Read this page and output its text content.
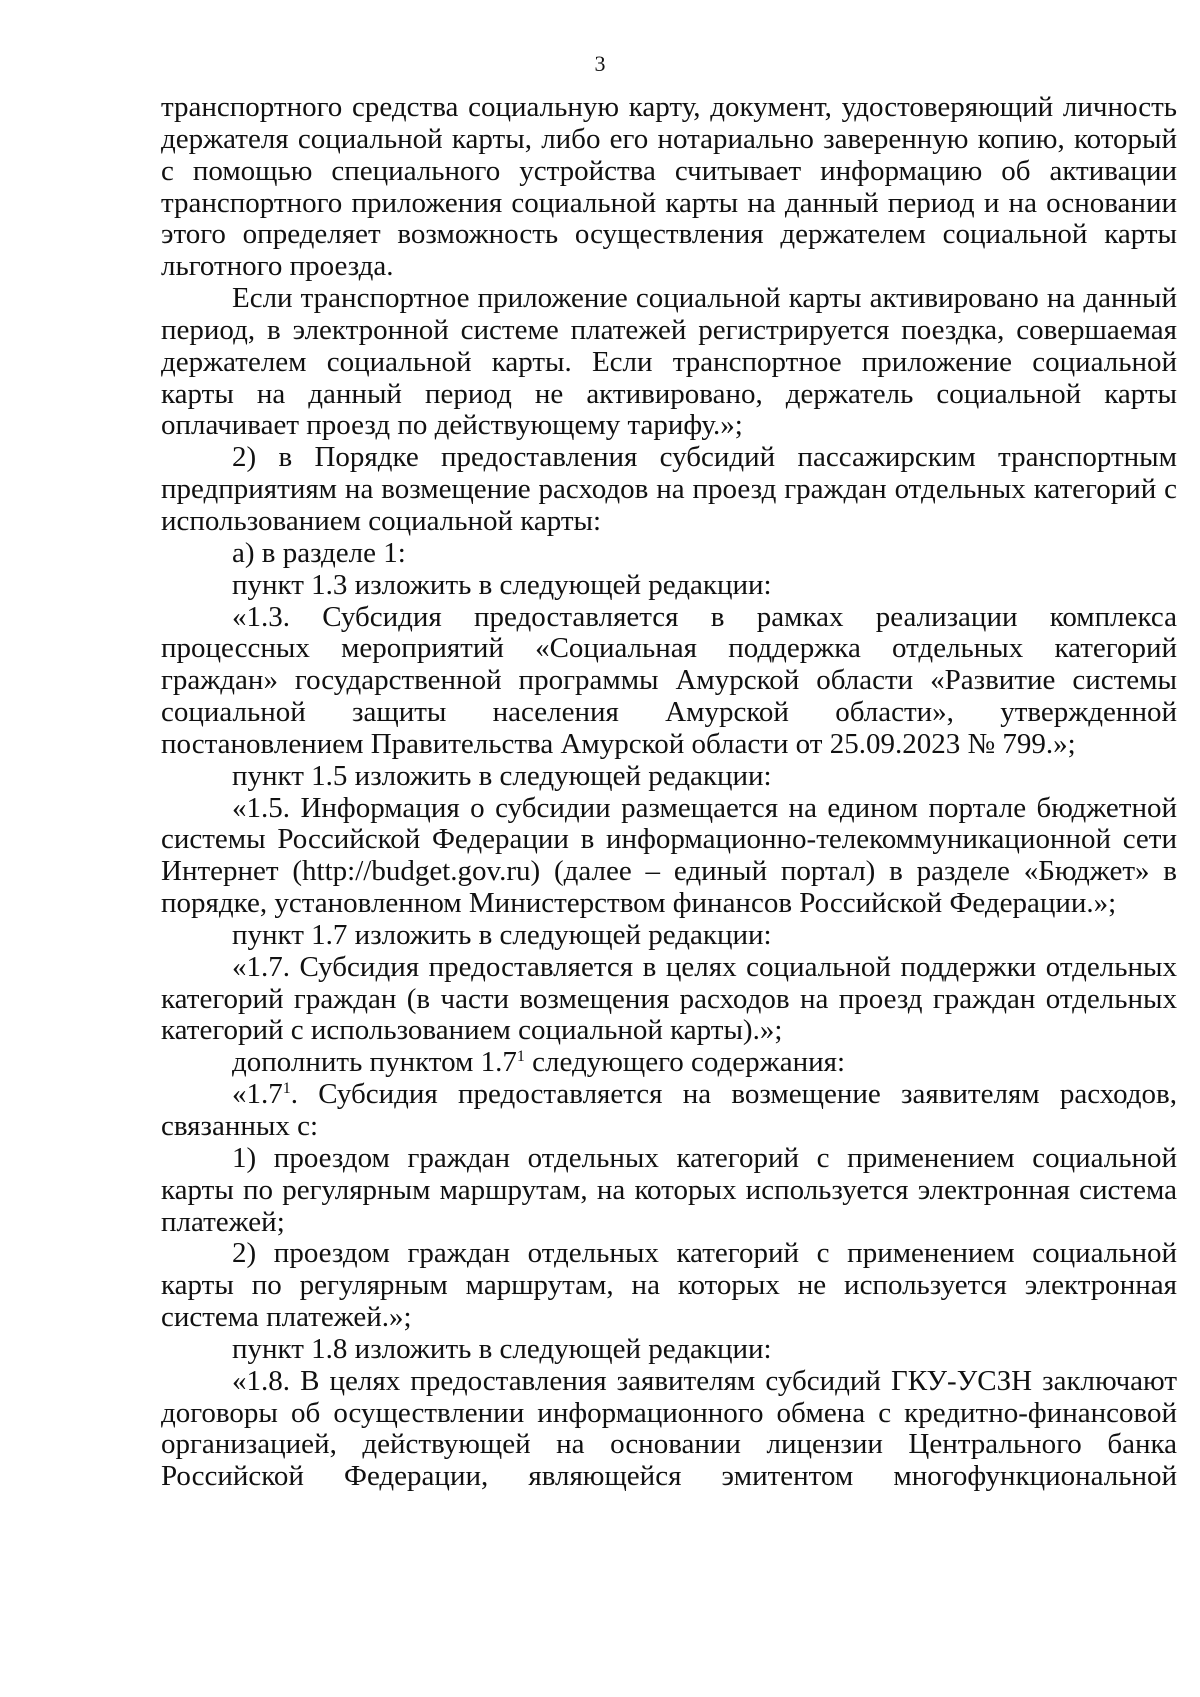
3

транспортного средства социальную карту, документ, удостоверяющий личность держателя социальной карты, либо его нотариально заверенную копию, который с помощью специального устройства считывает информацию об активации транспортного приложения социальной карты на данный период и на основании этого определяет возможность осуществления держателем социальной карты льготного проезда.

Если транспортное приложение социальной карты активировано на данный период, в электронной системе платежей регистрируется поездка, совершаемая держателем социальной карты. Если транспортное приложение социальной карты на данный период не активировано, держатель социальной карты оплачивает проезд по действующему тарифу.»;

2) в Порядке предоставления субсидий пассажирским транспортным предприятиям на возмещение расходов на проезд граждан отдельных категорий с использованием социальной карты:

а) в разделе 1:

пункт 1.3 изложить в следующей редакции:

«1.3. Субсидия предоставляется в рамках реализации комплекса процессных мероприятий «Социальная поддержка отдельных категорий граждан» государственной программы Амурской области «Развитие системы социальной защиты населения Амурской области», утвержденной постановлением Правительства Амурской области от 25.09.2023 № 799.»;

пункт 1.5 изложить в следующей редакции:

«1.5. Информация о субсидии размещается на едином портале бюджетной системы Российской Федерации в информационно-телекоммуникационной сети Интернет (http://budget.gov.ru) (далее – единый портал) в разделе «Бюджет» в порядке, установленном Министерством финансов Российской Федерации.»;

пункт 1.7 изложить в следующей редакции:

«1.7. Субсидия предоставляется в целях социальной поддержки отдельных категорий граждан (в части возмещения расходов на проезд граждан отдельных категорий с использованием социальной карты).»;

дополнить пунктом $1.7^1$ следующего содержания:

«$1.7^1$. Субсидия предоставляется на возмещение заявителям расходов, связанных с:

1) проездом граждан отдельных категорий с применением социальной карты по регулярным маршрутам, на которых используется электронная система платежей;

2) проездом граждан отдельных категорий с применением социальной карты по регулярным маршрутам, на которых не используется электронная система платежей.»;

пункт 1.8 изложить в следующей редакции:

«1.8. В целях предоставления заявителям субсидий ГКУ-УСЗН заключают договоры об осуществлении информационного обмена с кредитно-финансовой организацией, действующей на основании лицензии Центрального банка Российской Федерации, являющейся эмитентом многофункциональной
